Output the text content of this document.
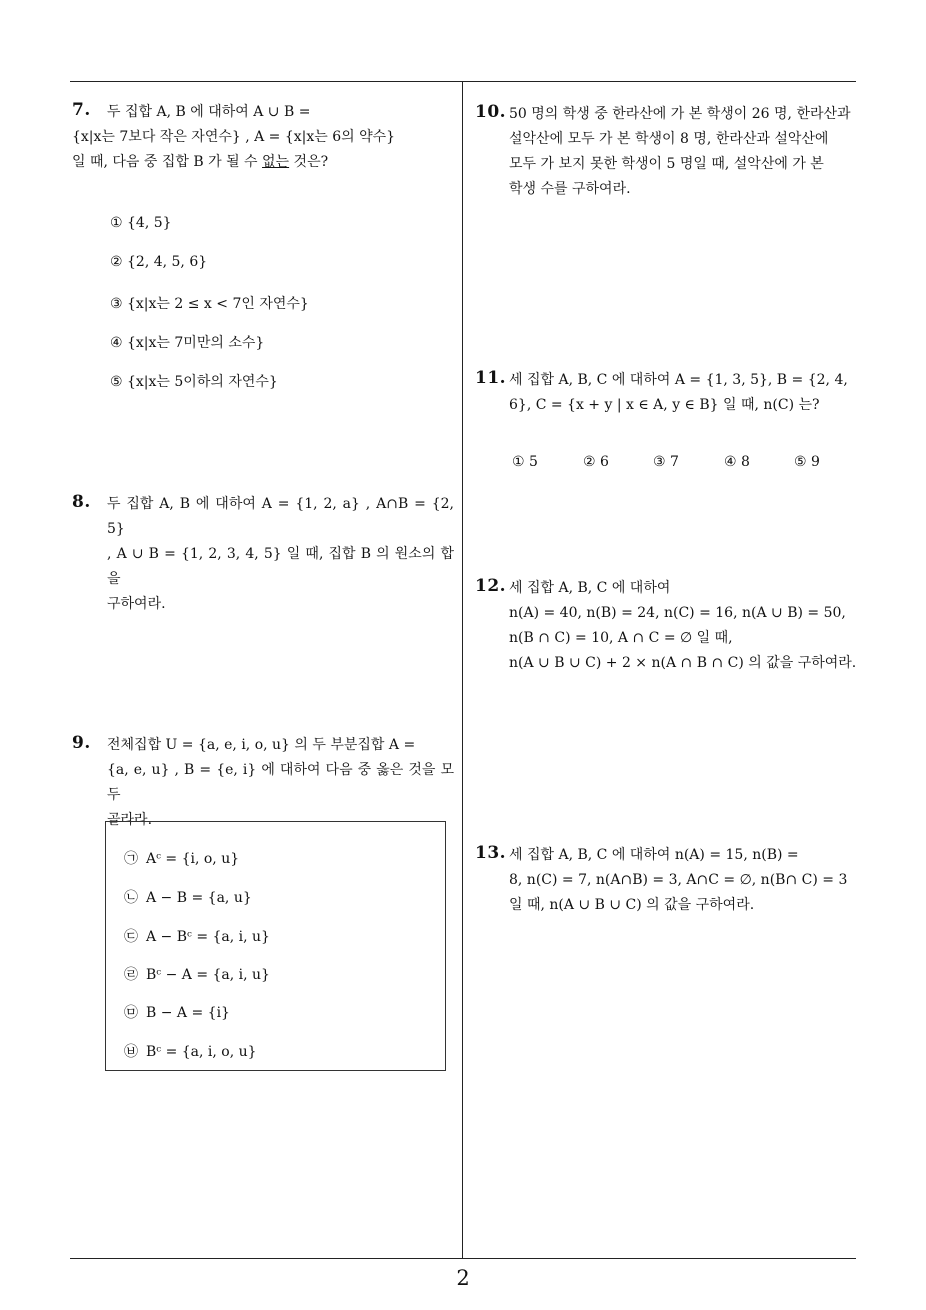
7. 두 집합 A, B 에 대하여 A ∪ B =

{x|x는 7보다 작은 자연수} , A = {x|x는 6의 약수}

일 때, 다음 중 집합 B 가 될 수 없는 것은?

① {4, 5}
② {2, 4, 5, 6}
③ {x|x는 2 ≤ x < 7인 자연수}
④ {x|x는 7미만의 소수}
⑤ {x|x는 5이하의 자연수}
8. 두 집합 A, B 에 대하여 A = {1, 2, a} , A∩B = {2, 5}

, A ∪ B = {1, 2, 3, 4, 5} 일 때, 집합 B 의 원소의 합을

구하여라.

9. 전체집합 U = {a, e, i, o, u} 의 두 부분집합 A =

{a, e, u} , B = {e, i} 에 대하여 다음 중 옳은 것을 모두

골라라.

㉠ Aᶜ = {i, o, u}
㉡ A − B = {a, u}
㉢ A − Bᶜ = {a, i, u}
㉣ Bᶜ − A = {a, i, u}
㉤ B − A = {i}
㉥ Bᶜ = {a, i, o, u}
10. 50 명의 학생 중 한라산에 가 본 학생이 26 명, 한라산과

설악산에 모두 가 본 학생이 8 명, 한라산과 설악산에

모두 가 보지 못한 학생이 5 명일 때, 설악산에 가 본

학생 수를 구하여라.

11. 세 집합 A, B, C 에 대하여 A = {1, 3, 5}, B = {2, 4,

6}, C = {x + y | x ∈ A, y ∈ B} 일 때, n(C) 는?

① 5	② 6	③ 7	④ 8	⑤ 9
12. 세 집합 A, B, C 에 대하여

n(A) = 40, n(B) = 24, n(C) = 16, n(A ∪ B) = 50,

n(B ∩ C) = 10, A ∩ C = ∅ 일 때,

n(A ∪ B ∪ C) + 2 × n(A ∩ B ∩ C) 의 값을 구하여라.

13. 세 집합 A, B, C 에 대하여 n(A) = 15, n(B) =

8, n(C) = 7, n(A∩B) = 3, A∩C = ∅, n(B∩ C) = 3

일 때, n(A ∪ B ∪ C) 의 값을 구하여라.

2
